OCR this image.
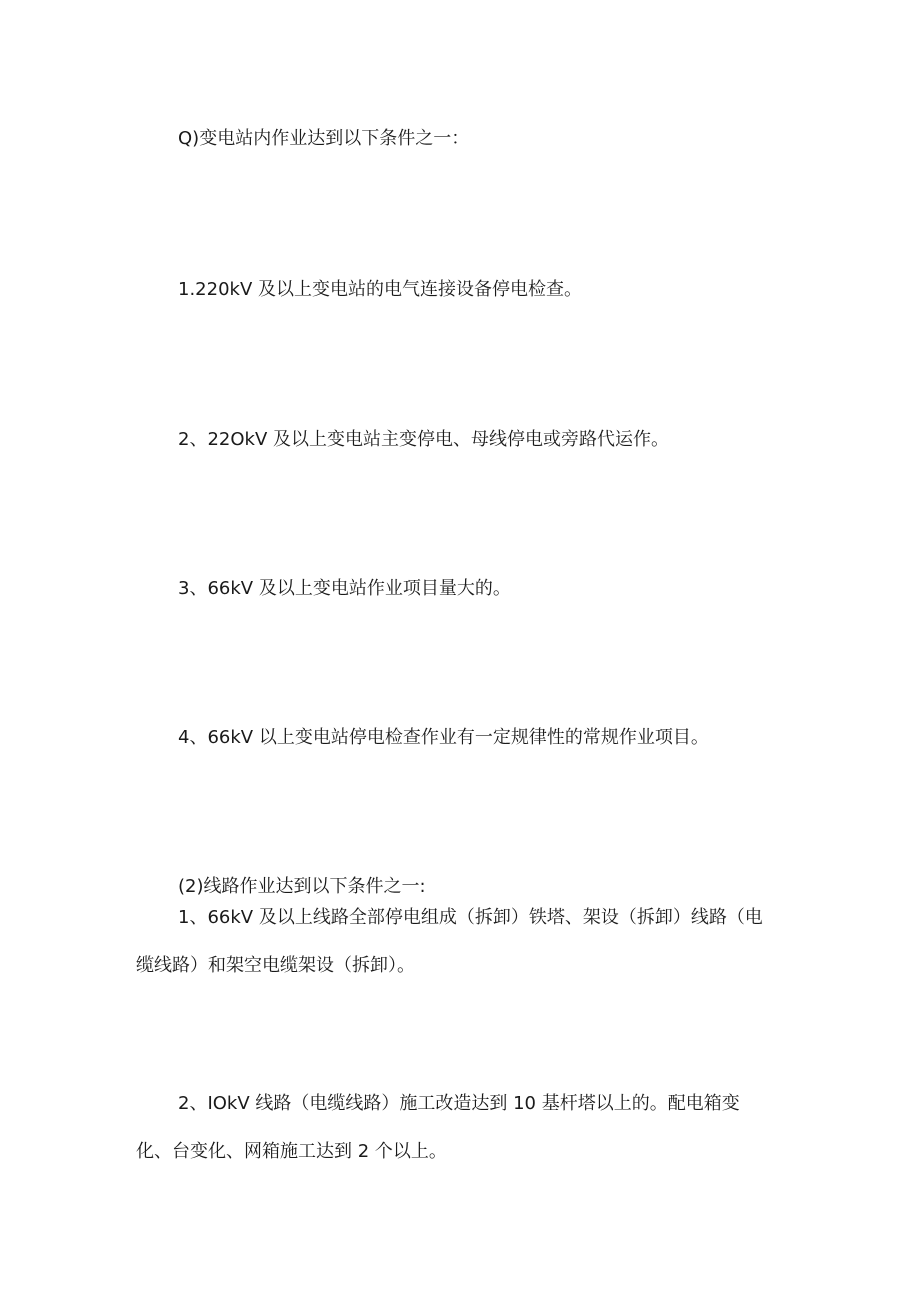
Q)变电站内作业达到以下条件之一：

1.220kV 及以上变电站的电气连接设备停电检查。

2、22OkV 及以上变电站主变停电、母线停电或旁路代运作。

3、66kV 及以上变电站作业项目量大的。

4、66kV 以上变电站停电检查作业有一定规律性的常规作业项目。

(2)线路作业达到以下条件之一:

1、66kV 及以上线路全部停电组成（拆卸）铁塔、架设（拆卸）线路（电

缆线路）和架空电缆架设（拆卸）。

2、IOkV 线路（电缆线路）施工改造达到 10 基杆塔以上的。配电箱变

化、台变化、网箱施工达到 2 个以上。
